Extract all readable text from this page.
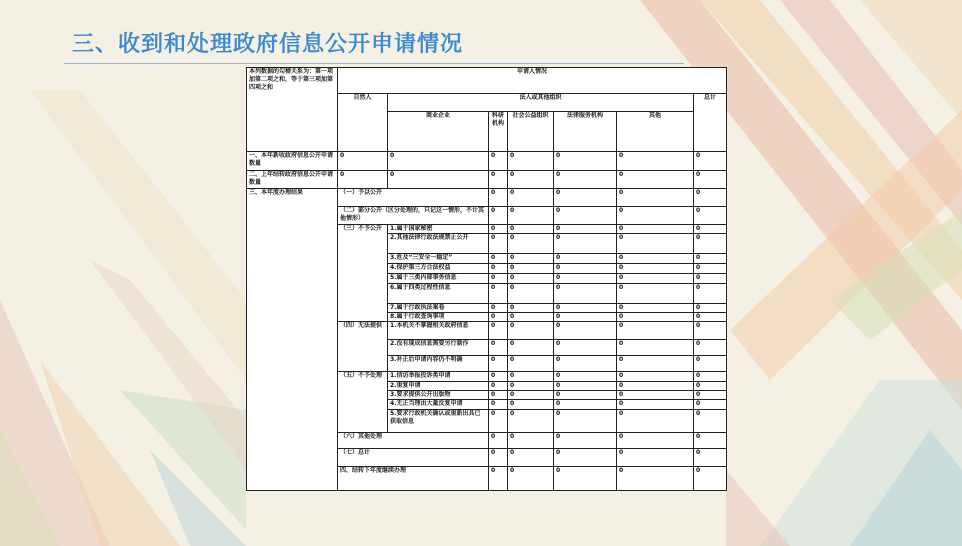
三、收到和处理政府信息公开申请情况
本列数据的勾稽关系为：第一项加第二项之和，等于第三项加第四项之和	申请人情况							
	自然人	法人或其他组织					总计	
		商业企业	科研机构	社会公益组织	法律服务机构	其他		
一、本年新收政府信息公开申请数量	0	0	0	0	0	0	0	
二、上年结转政府信息公开申请数量	0	0	0	0	0	0	0	
三、本年度办理结果	（一）予以公开		0	0	0	0	0		
	（二）部分公开（区分处理的，只记这一情形，不计其他情形）		0	0	0	0	0		
	（三）不予公开	1.属于国家秘密	0	0	0	0	0		
		2.其他法律行政法规禁止公开	0	0	0	0	0		
		3.危及“三安全一稳定”	0	0	0	0	0		
		4.保护第三方合法权益	0	0	0	0	0		
		5.属于三类内部事务信息	0	0	0	0	0		
		6.属于四类过程性信息	0	0	0	0	0		
		7.属于行政执法案卷	0	0	0	0	0		
		8.属于行政查询事项	0	0	0	0	0		
	（四）无法提供	1.本机关不掌握相关政府信息	0	0	0	0	0		
		2.没有现成信息需要另行制作	0	0	0	0	0		
		3.补正后申请内容仍不明确	0	0	0	0	0		
	（五）不予处理	1.信访举报投诉类申请	0	0	0	0	0		
		2.重复申请	0	0	0	0	0		
		3.要求提供公开出版物	0	0	0	0	0		
		4.无正当理由大量反复申请	0	0	0	0	0		
		5.要求行政机关确认或重新出具已获取信息	0	0	0	0	0		
	（六）其他处理		0	0	0	0	0		
	（七）总计		0	0	0	0	0		
	四、结转下年度继续办理		0	0	0	0	0		
